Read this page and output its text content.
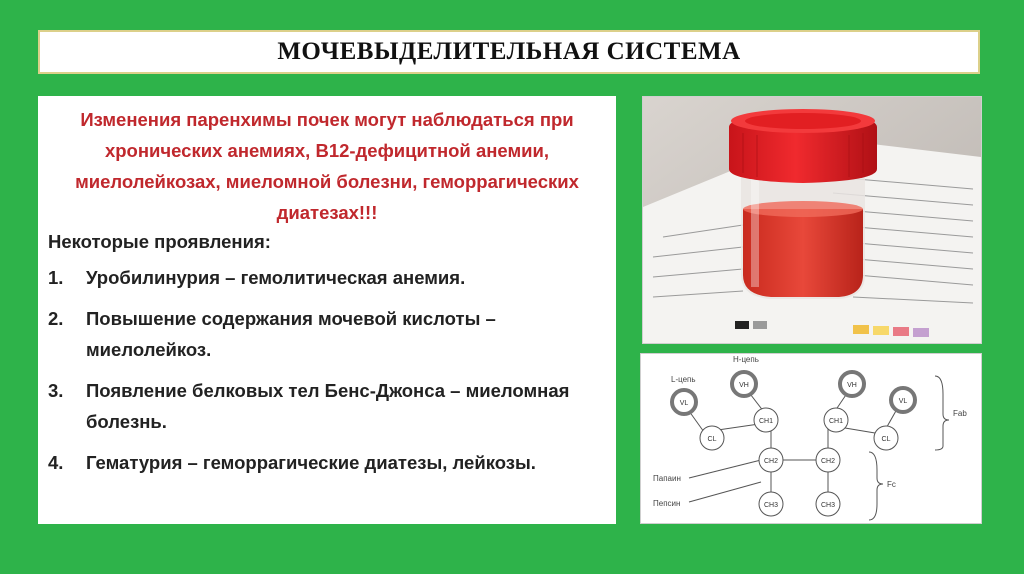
МОЧЕВЫДЕЛИТЕЛЬНАЯ СИСТЕМА

Изменения паренхимы почек могут наблюдаться при хронических анемиях, В12-дефицитной анемии, миелолейкозах, миеломной болезни, геморрагических диатезах!!!

Некоторые проявления:

1.	Уробилинурия – гемолитическая анемия.
2.	Повышение содержания мочевой кислоты – миелолейкоз.
3.	Появление белковых тел Бенс-Джонса – миеломная болезнь.
4.	Гематурия – геморрагические диатезы, лейкозы.
VH
VL
VH
VL
CH1	CH1
CL	CL
CH2	CH2
CH3	CH3
Н-цепь
L-цепь
Папаин
Пепсин
Fab
Fc
